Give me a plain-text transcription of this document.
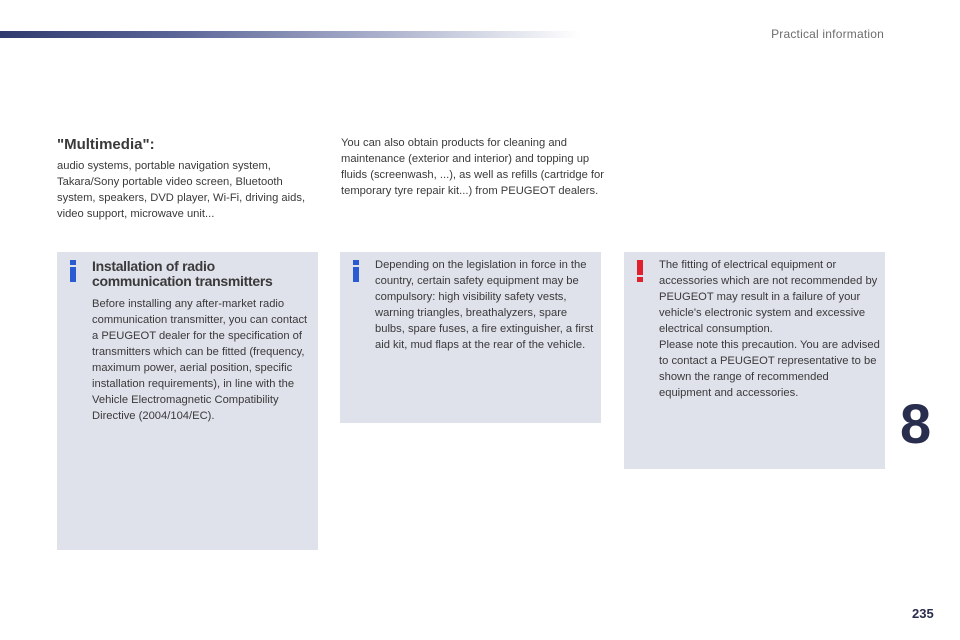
Practical information
"Multimedia":
audio systems, portable navigation system, Takara/Sony portable video screen, Bluetooth system, speakers, DVD player, Wi-Fi, driving aids, video support, microwave unit...
You can also obtain products for cleaning and maintenance (exterior and interior) and topping up fluids (screenwash, ...), as well as refills (cartridge for temporary tyre repair kit...) from PEUGEOT dealers.
Installation of radio communication transmitters
Before installing any after-market radio communication transmitter, you can contact a PEUGEOT dealer for the specification of transmitters which can be fitted (frequency, maximum power, aerial position, specific installation requirements), in line with the Vehicle Electromagnetic Compatibility Directive (2004/104/EC).
Depending on the legislation in force in the country, certain safety equipment may be compulsory: high visibility safety vests, warning triangles, breathalyzers, spare bulbs, spare fuses, a fire extinguisher, a first aid kit, mud flaps at the rear of the vehicle.
The fitting of electrical equipment or accessories which are not recommended by PEUGEOT may result in a failure of your vehicle's electronic system and excessive electrical consumption.
Please note this precaution. You are advised to contact a PEUGEOT representative to be shown the range of recommended equipment and accessories.	8
235
